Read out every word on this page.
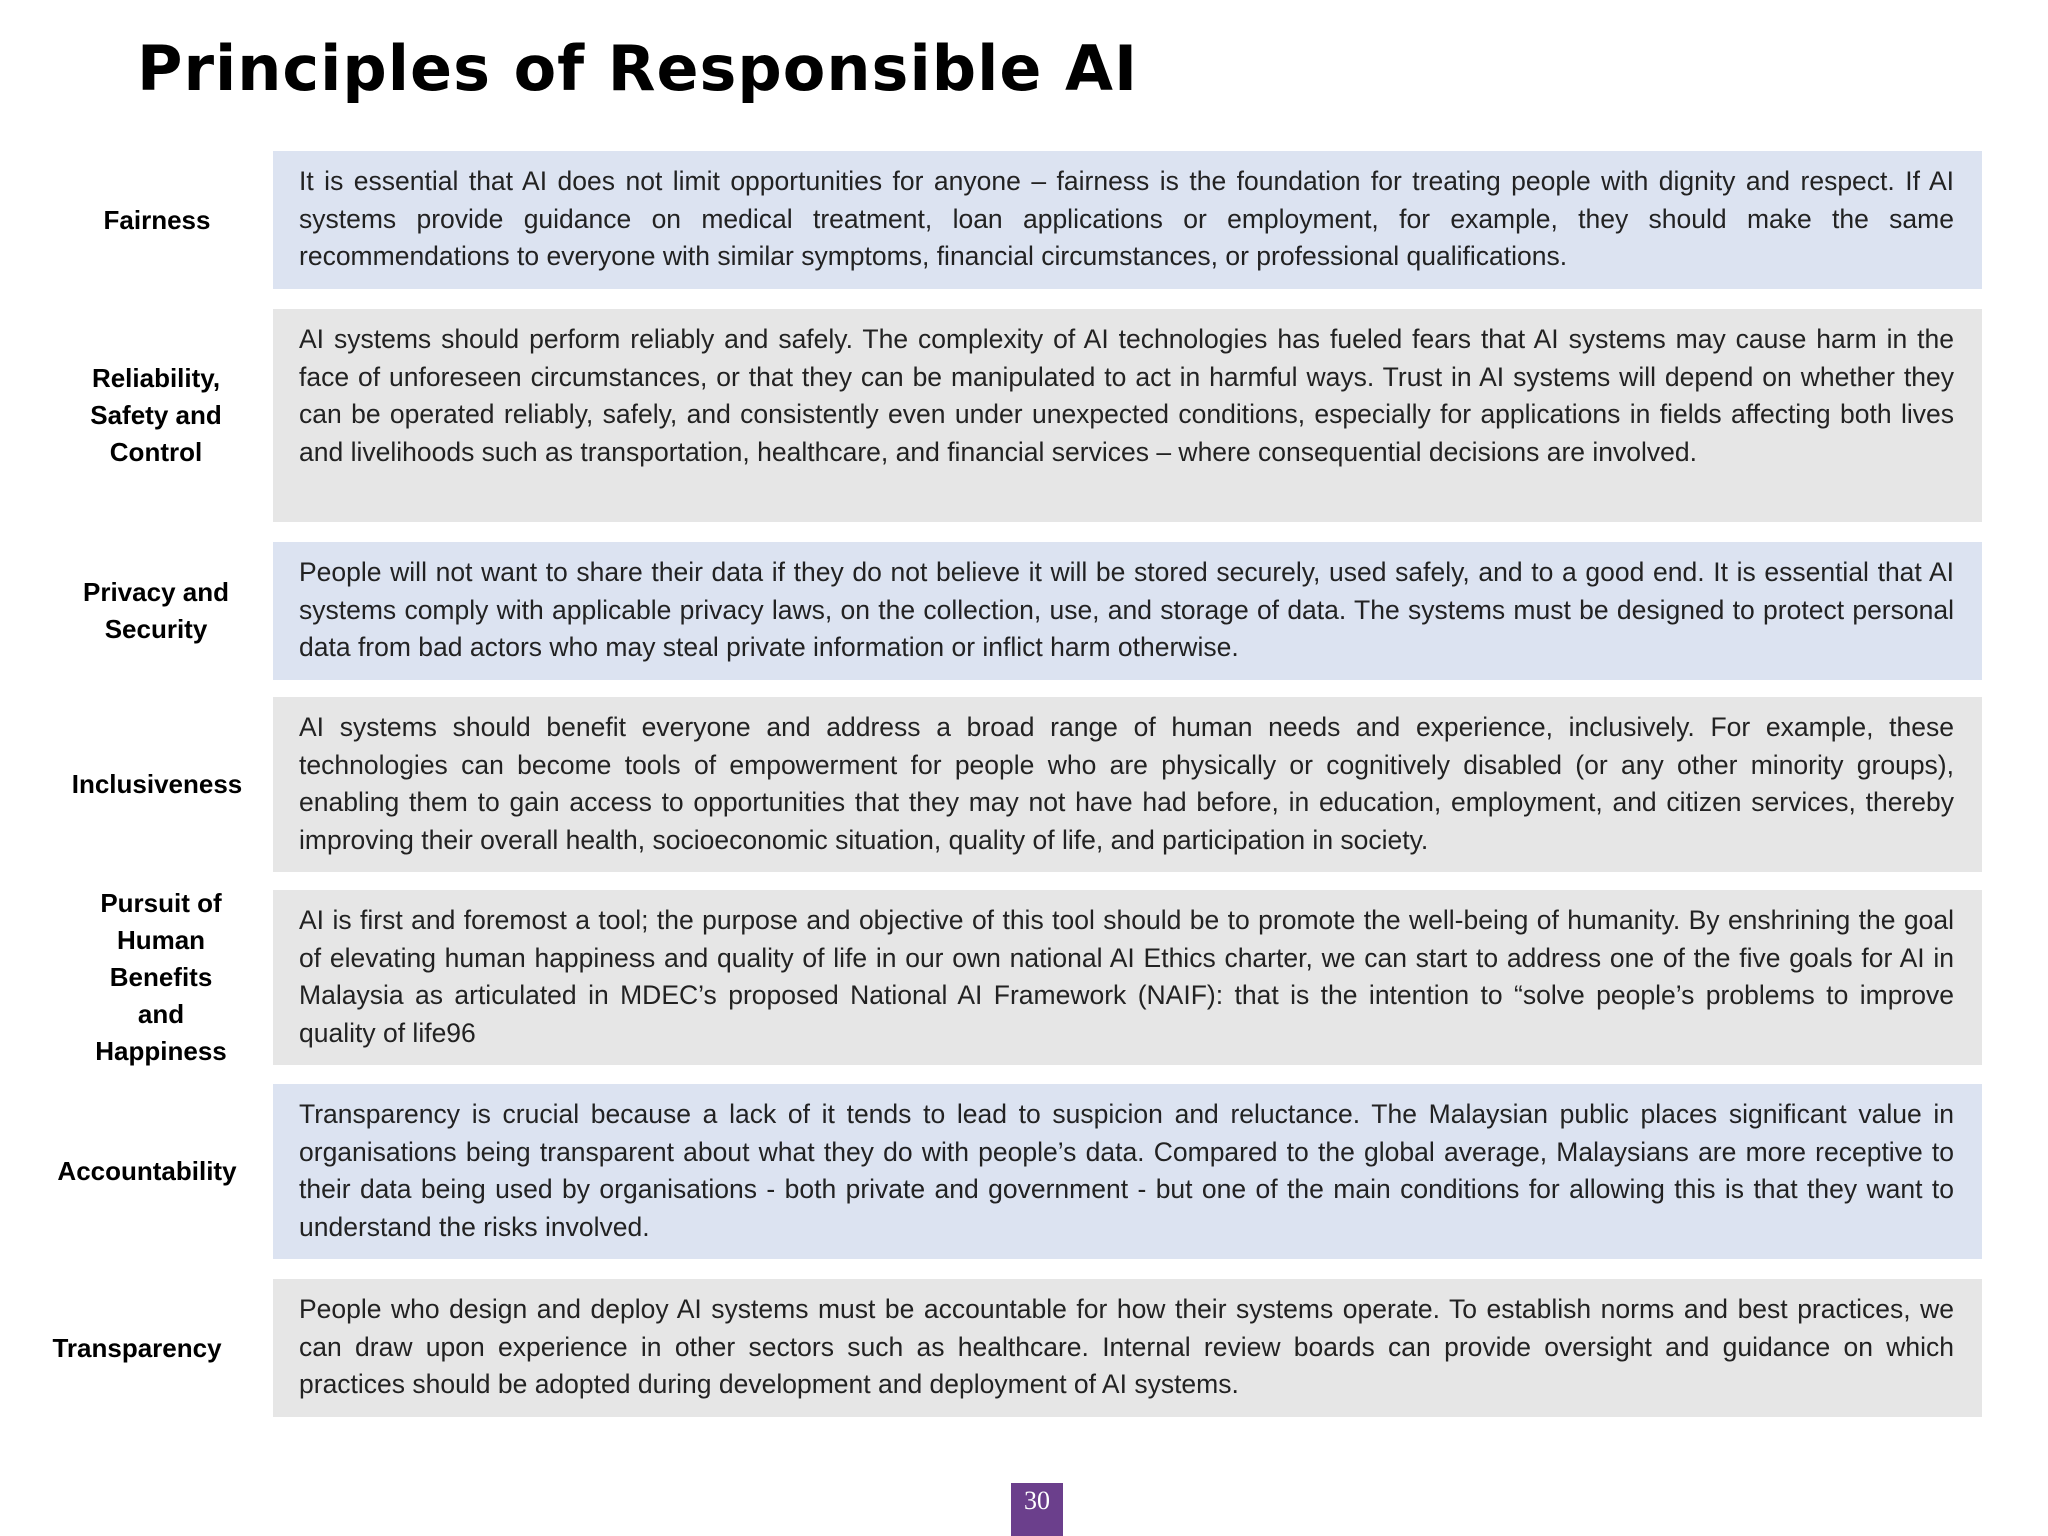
Principles of Responsible AI
Fairness
It is essential that AI does not limit opportunities for anyone – fairness is the foundation for treating people with dignity and respect. If AI systems provide guidance on medical treatment, loan applications or employment, for example, they should make the same recommendations to everyone with similar symptoms, financial circumstances, or professional qualifications.
Reliability, Safety and Control
AI systems should perform reliably and safely. The complexity of AI technologies has fueled fears that AI systems may cause harm in the face of unforeseen circumstances, or that they can be manipulated to act in harmful ways. Trust in AI systems will depend on whether they can be operated reliably, safely, and consistently even under unexpected conditions, especially for applications in fields affecting both lives and livelihoods such as transportation, healthcare, and financial services – where consequential decisions are involved.
Privacy and Security
People will not want to share their data if they do not believe it will be stored securely, used safely, and to a good end. It is essential that AI systems comply with applicable privacy laws, on the collection, use, and storage of data. The systems must be designed to protect personal data from bad actors who may steal private information or inflict harm otherwise.
Inclusiveness
AI systems should benefit everyone and address a broad range of human needs and experience, inclusively. For example, these technologies can become tools of empowerment for people who are physically or cognitively disabled (or any other minority groups), enabling them to gain access to opportunities that they may not have had before, in education, employment, and citizen services, thereby improving their overall health, socioeconomic situation, quality of life, and participation in society.
Pursuit of Human Benefits and Happiness
AI is first and foremost a tool; the purpose and objective of this tool should be to promote the well-being of humanity. By enshrining the goal of elevating human happiness and quality of life in our own national AI Ethics charter, we can start to address one of the five goals for AI in Malaysia as articulated in MDEC’s proposed National AI Framework (NAIF): that is the intention to “solve people’s problems to improve quality of life96
Accountability
Transparency is crucial because a lack of it tends to lead to suspicion and reluctance. The Malaysian public places significant value in organisations being transparent about what they do with people’s data. Compared to the global average, Malaysians are more receptive to their data being used by organisations - both private and government - but one of the main conditions for allowing this is that they want to understand the risks involved.
Transparency
People who design and deploy AI systems must be accountable for how their systems operate. To establish norms and best practices, we can draw upon experience in other sectors such as healthcare. Internal review boards can provide oversight and guidance on which practices should be adopted during development and deployment of AI systems.
30
